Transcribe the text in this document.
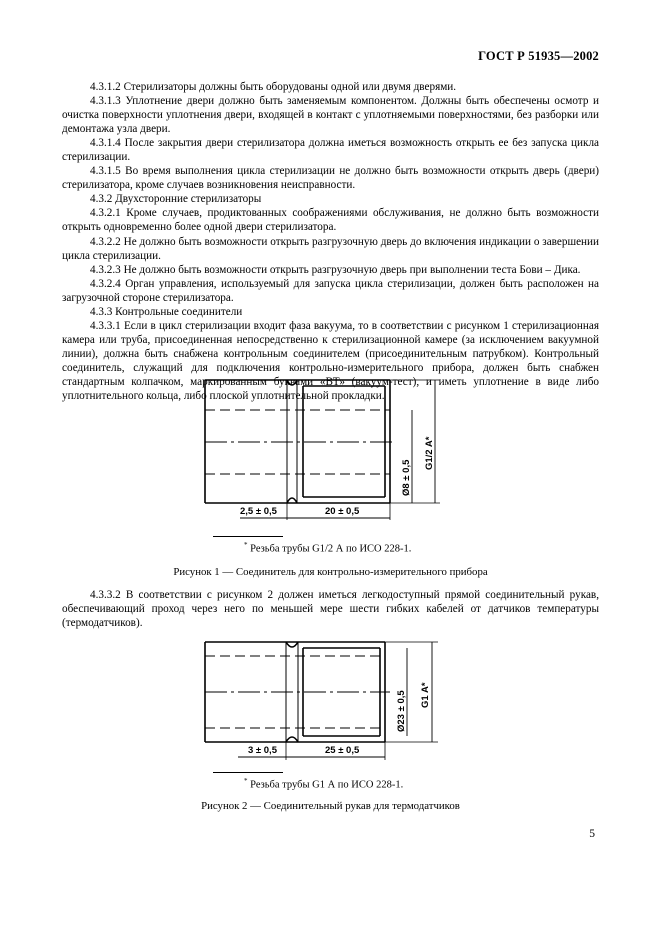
ГОСТ Р 51935—2002

4.3.1.2 Стерилизаторы должны быть оборудованы одной или двумя дверями.

4.3.1.3 Уплотнение двери должно быть заменяемым компонентом. Должны быть обеспечены осмотр и очистка поверхности уплотнения двери, входящей в контакт с уплотняемыми поверхностями, без разборки или демонтажа узла двери.

4.3.1.4 После закрытия двери стерилизатора должна иметься возможность открыть ее без запуска цикла стерилизации.

4.3.1.5 Во время выполнения цикла стерилизации не должно быть возможности открыть дверь (двери) стерилизатора, кроме случаев возникновения неисправности.

4.3.2 Двухсторонние стерилизаторы

4.3.2.1 Кроме случаев, продиктованных соображениями обслуживания, не должно быть возможности открыть одновременно более одной двери стерилизатора.

4.3.2.2 Не должно быть возможности открыть разгрузочную дверь до включения индикации о завершении цикла стерилизации.

4.3.2.3 Не должно быть возможности открыть разгрузочную дверь при выполнении теста Бови – Дика.

4.3.2.4 Орган управления, используемый для запуска цикла стерилизации, должен быть расположен на загрузочной стороне стерилизатора.

4.3.3 Контрольные соединители

4.3.3.1 Если в цикл стерилизации входит фаза вакуума, то в соответствии с рисунком 1 стерилизационная камера или труба, присоединенная непосредственно к стерилизационной камере (за исключением вакуумной линии), должна быть снабжена контрольным соединителем (присоединительным патрубком). Контрольный соединитель, служащий для подключения контрольно-измерительного прибора, должен быть снабжен стандартным колпачком, маркированным буквами «ВТ» (вакуум-тест), и иметь уплотнение в виде либо уплотнительного кольца, либо плоской уплотнительной прокладки.

2,5 ± 0,5	20 ± 0,5
Ø8 ± 0,5
G1/2 A*
* Резьба трубы G1/2 А по ИСО 228-1.
Рисунок 1 — Соединитель для контрольно-измерительного прибора

4.3.3.2 В соответствии с рисунком 2 должен иметься легкодоступный прямой соединительный рукав, обеспечивающий проход через него по меньшей мере шести гибких кабелей от датчиков температуры (термодатчиков).

3 ± 0,5	25 ± 0,5
Ø23 ± 0,5 G1 A*
* Резьба трубы G1 А по ИСО 228-1.
Рисунок 2 — Соединительный рукав для термодатчиков
5
